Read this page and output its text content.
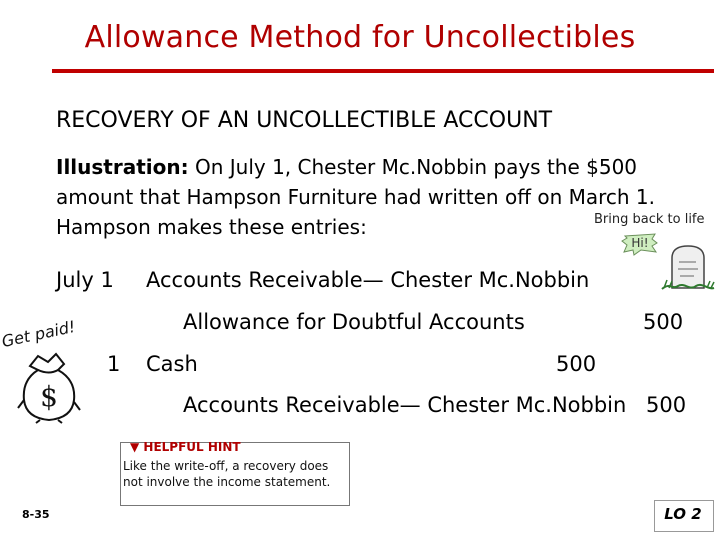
Allowance Method for Uncollectibles
RECOVERY OF AN UNCOLLECTIBLE ACCOUNT
Illustration: On July 1, Chester Mc.Nobbin pays the $500
amount that Hampson Furniture had written off on March 1.
Hampson makes these entries:	Bring back to life
Hi!
July 1 Accounts Receivable— Chester Mc.Nobbin
Allowance for Doubtful Accounts	500
1 Cash	500
Accounts Receivable— Chester Mc.Nobbin 500
Get paid!
$
▼ HELPFUL HINT
Like the write-off, a recovery does not involve the income statement.
8-35	LO 2
